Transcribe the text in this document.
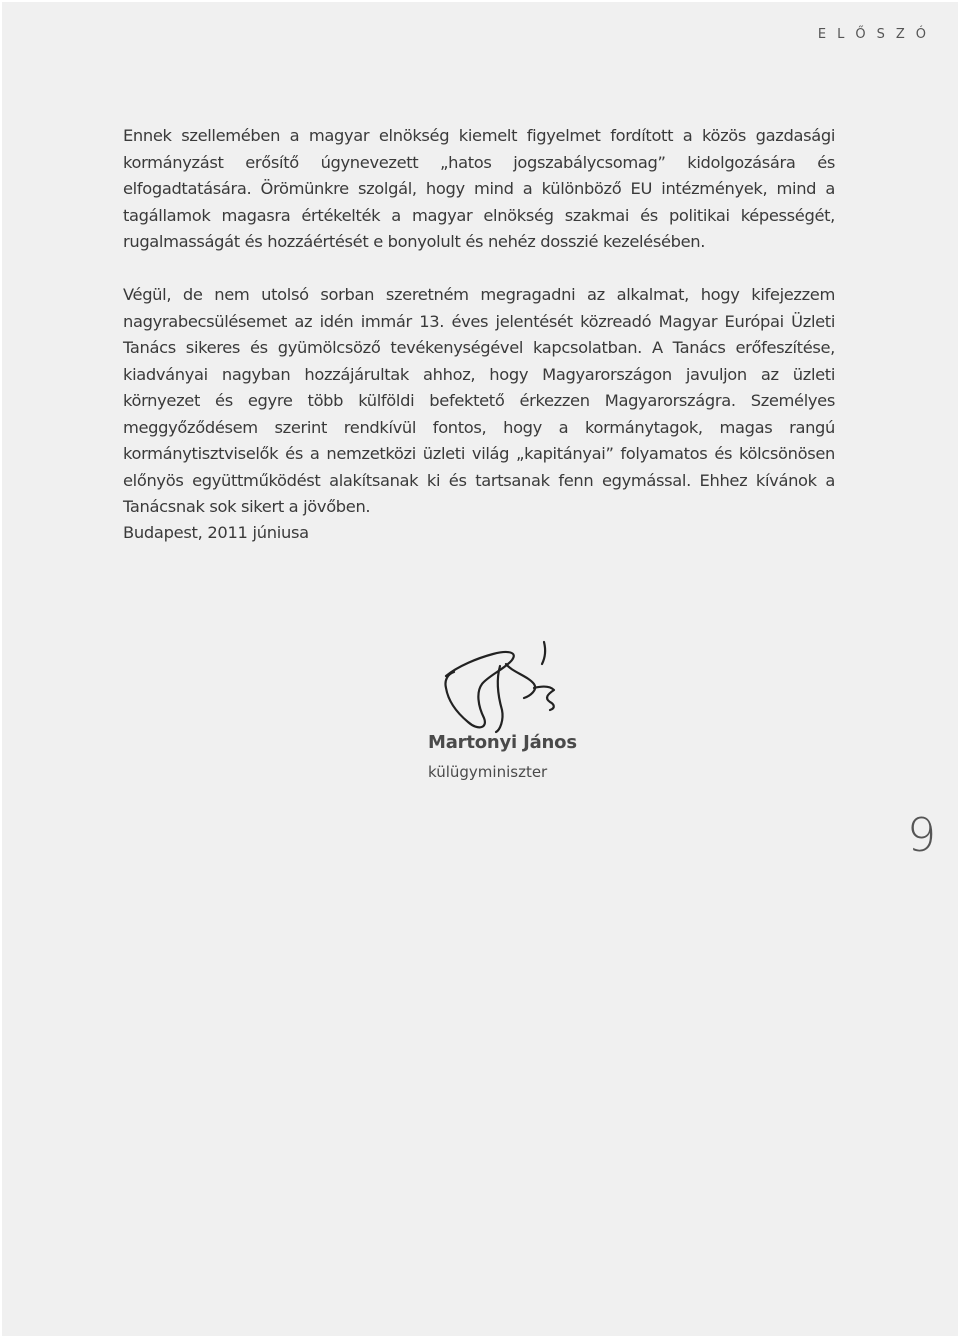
ELŐSZÓ

Ennek szellemében a magyar elnökség kiemelt figyelmet fordított a közös gazdasági kormányzást erősítő úgynevezett „hatos jogszabálycsomag” kidolgozására és elfogadtatására. Örömünkre szolgál, hogy mind a különböző EU intézmények, mind a tagállamok magasra értékelték a magyar elnökség szakmai és politikai képességét, rugalmasságát és hozzáértését e bonyolult és nehéz dosszié kezelésében.

Végül, de nem utolsó sorban szeretném megragadni az alkalmat, hogy kifejezzem nagyrabecsülésemet az idén immár 13. éves jelentését közreadó Magyar Európai Üzleti Tanács sikeres és gyümölcsöző tevékenységével kapcsolatban. A Tanács erőfeszítése, kiadványai nagyban hozzájárultak ahhoz, hogy Magyarországon javuljon az üzleti környezet és egyre több külföldi befektető érkezzen Magyarországra. Személyes meggyőződésem szerint rendkívül fontos, hogy a kormánytagok, magas rangú kormánytisztviselők és a nemzetközi üzleti világ „kapitányai” folyamatos és kölcsönösen előnyös együttműködést alakítsanak ki és tartsanak fenn egymással. Ehhez kívánok a Tanácsnak sok sikert a jövőben.

Budapest, 2011 júniusa
Martonyi János
külügyminiszter
9
